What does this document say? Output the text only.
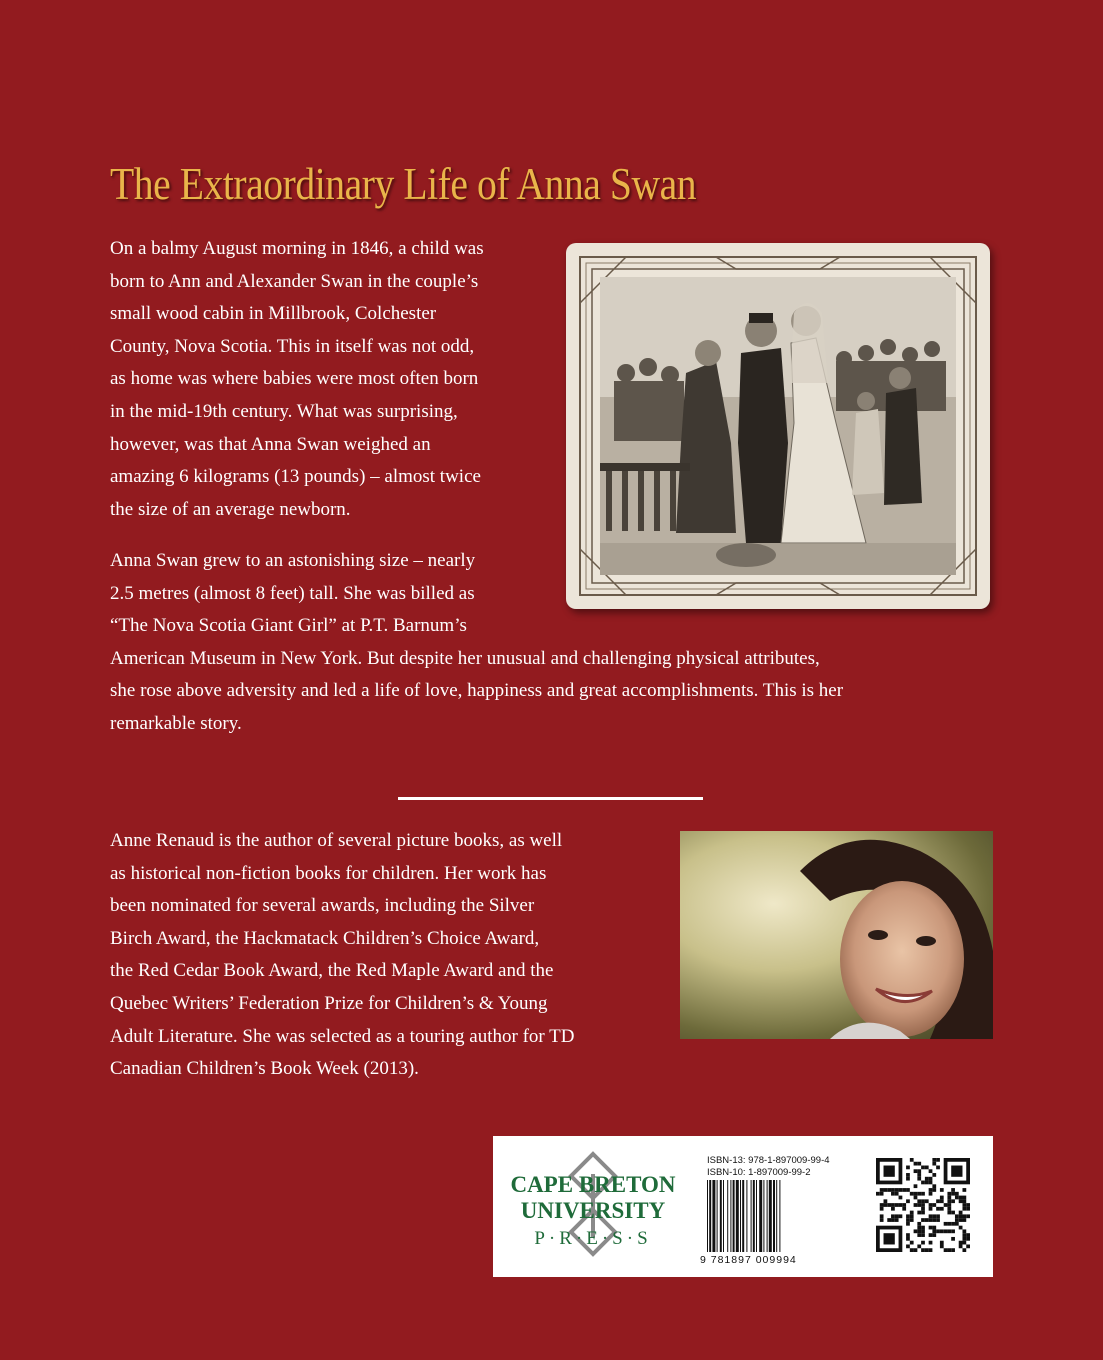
The Extraordinary Life of Anna Swan

On a balmy August morning in 1846, a child was
born to Ann and Alexander Swan in the couple’s
small wood cabin in Millbrook, Colchester
County, Nova Scotia. This in itself was not odd,
as home was where babies were most often born
in the mid-19th century. What was surprising,
however, was that Anna Swan weighed an
amazing 6 kilograms (13 pounds) – almost twice
the size of an average newborn.

Anna Swan grew to an astonishing size – nearly
2.5 metres (almost 8 feet) tall. She was billed as
“The Nova Scotia Giant Girl” at P.T. Barnum’s
American Museum in New York. But despite her unusual and challenging physical attributes,
she rose above adversity and led a life of love, happiness and great accomplishments. This is her
remarkable story.

Anne Renaud is the author of several picture books, as well
as historical non-fiction books for children. Her work has
been nominated for several awards, including the Silver
Birch Award, the Hackmatack Children’s Choice Award,
the Red Cedar Book Award, the Red Maple Award and the
Quebec Writers’ Federation Prize for Children’s & Young
Adult Literature. She was selected as a touring author for TD
Canadian Children’s Book Week (2013).

CAPE BRETON
UNIVERSITY
P·R·E·S·S
ISBN-13: 978-1-897009-99-4
ISBN-10: 1-897009-99-2
9 781897 009994
